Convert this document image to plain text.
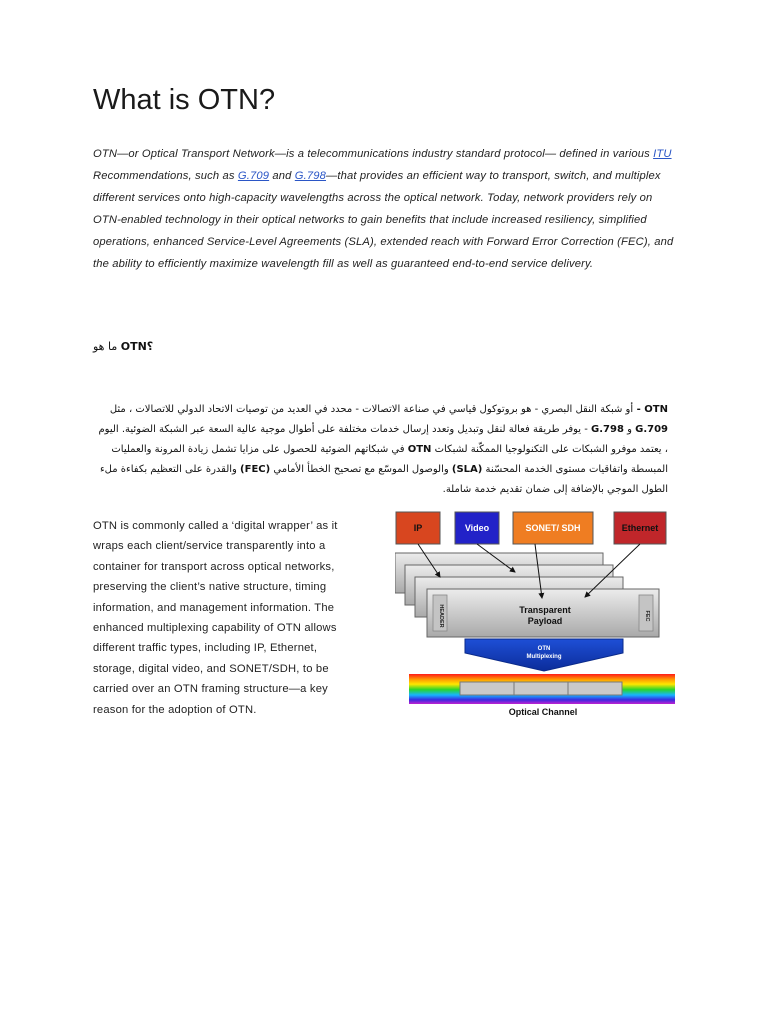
What is OTN?
OTN—or Optical Transport Network—is a telecommunications industry standard protocol— defined in various ITU Recommendations, such as G.709 and G.798—that provides an efficient way to transport, switch, and multiplex different services onto high-capacity wavelengths across the optical network. Today, network providers rely on OTN-enabled technology in their optical networks to gain benefits that include increased resiliency, simplified operations, enhanced Service-Level Agreements (SLA), extended reach with Forward Error Correction (FEC), and the ability to efficiently maximize wavelength fill as well as guaranteed end-to-end service delivery.
ما هو OTN؟
OTN - أو شبكة النقل البصري - هو بروتوكول قياسي في صناعة الاتصالات - محدد في العديد من توصيات الاتحاد الدولي للاتصالات ، مثل G.709 و G.798 - يوفر طريقة فعالة لنقل وتبديل وتعدد إرسال خدمات مختلفة على أطوال موجية عالية السعة عبر الشبكة الضوئية. اليوم ، يعتمد موفرو الشبكات على التكنولوجيا الممكّنة لشبكات OTN في شبكاتهم الضوئية للحصول على مزايا تشمل زيادة المرونة والعمليات المبسطة واتفاقيات مستوى الخدمة المحسّنة (SLA) والوصول الموسّع مع تصحيح الخطأ الأمامي (FEC) والقدرة على التعظيم بكفاءة ملء الطول الموجي بالإضافة إلى ضمان تقديم خدمة شاملة.
OTN is commonly called a ‘digital wrapper’ as it wraps each client/service transparently into a container for transport across optical networks, preserving the client’s native structure, timing information, and management information. The enhanced multiplexing capability of OTN allows different traffic types, including IP, Ethernet, storage, digital video, and SONET/SDH, to be carried over an OTN framing structure—a key reason for the adoption of OTN.
IP	Video	SONET/ SDH	Ethernet
HEADER	FEC
Transparent
Payload
OTN
Multiplexing
Optical Channel
